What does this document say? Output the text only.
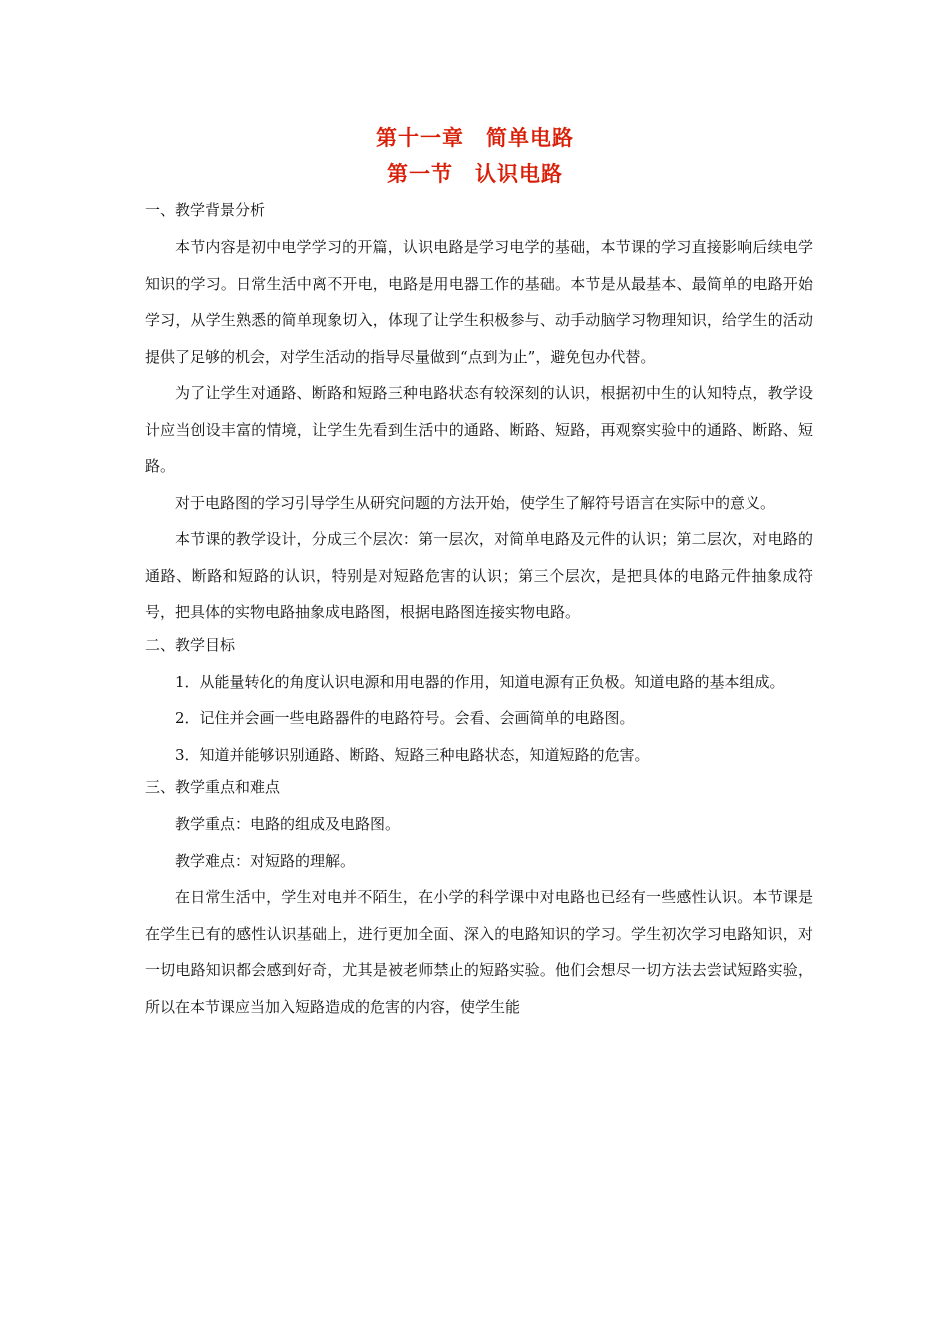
第十一章　简单电路
第一节　认识电路
一、教学背景分析

本节内容是初中电学学习的开篇，认识电路是学习电学的基础，本节课的学习直接影响后续电学知识的学习。日常生活中离不开电，电路是用电器工作的基础。本节是从最基本、最简单的电路开始学习，从学生熟悉的简单现象切入，体现了让学生积极参与、动手动脑学习物理知识，给学生的活动提供了足够的机会，对学生活动的指导尽量做到“点到为止”，避免包办代替。

为了让学生对通路、断路和短路三种电路状态有较深刻的认识，根据初中生的认知特点，教学设计应当创设丰富的情境，让学生先看到生活中的通路、断路、短路，再观察实验中的通路、断路、短路。

对于电路图的学习引导学生从研究问题的方法开始，使学生了解符号语言在实际中的意义。

本节课的教学设计，分成三个层次：第一层次，对简单电路及元件的认识；第二层次，对电路的通路、断路和短路的认识，特别是对短路危害的认识；第三个层次，是把具体的电路元件抽象成符号，把具体的实物电路抽象成电路图，根据电路图连接实物电路。

二、教学目标

1．从能量转化的角度认识电源和用电器的作用，知道电源有正负极。知道电路的基本组成。

2．记住并会画一些电路器件的电路符号。会看、会画简单的电路图。

3．知道并能够识别通路、断路、短路三种电路状态，知道短路的危害。

三、教学重点和难点

教学重点：电路的组成及电路图。

教学难点：对短路的理解。

在日常生活中，学生对电并不陌生，在小学的科学课中对电路也已经有一些感性认识。本节课是在学生已有的感性认识基础上，进行更加全面、深入的电路知识的学习。学生初次学习电路知识，对一切电路知识都会感到好奇，尤其是被老师禁止的短路实验。他们会想尽一切方法去尝试短路实验，所以在本节课应当加入短路造成的危害的内容，使学生能
